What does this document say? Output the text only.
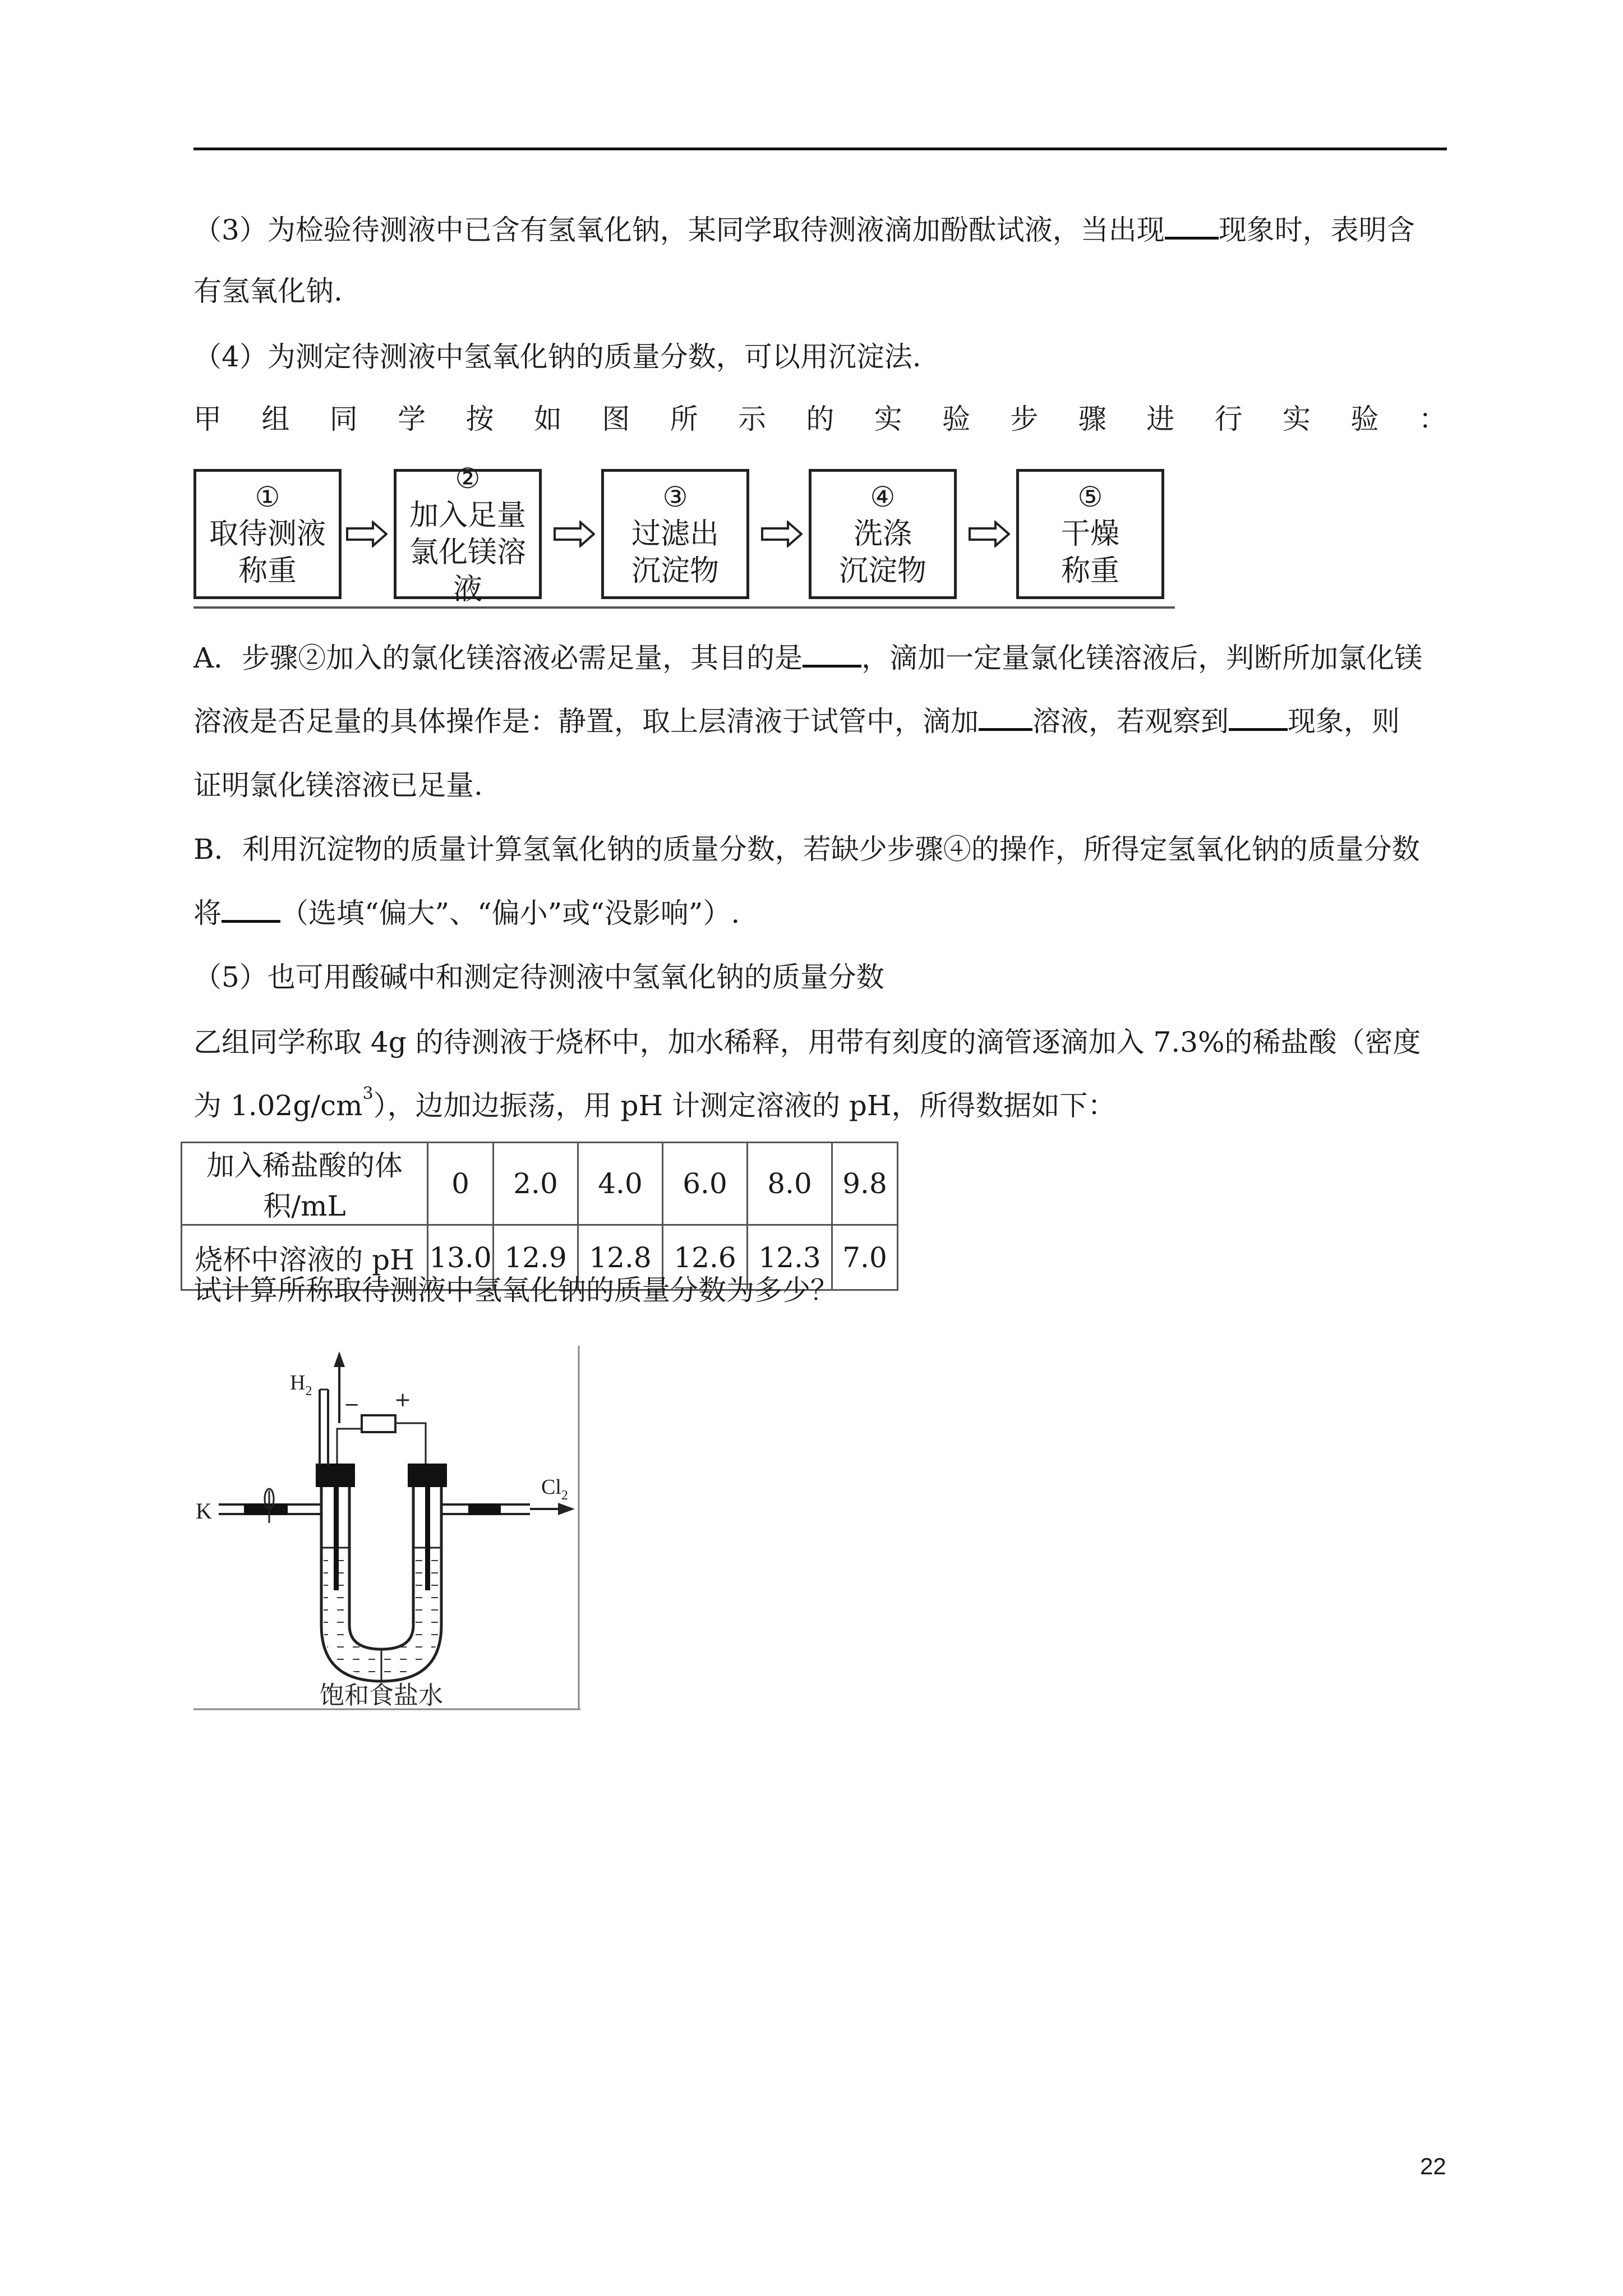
（3）为检验待测液中已含有氢氧化钠，某同学取待测液滴加酚酞试液，当出现 现象时，表明含
有氢氧化钠.
（4）为测定待测液中氢氧化钠的质量分数，可以用沉淀法.
甲 组 同 学 按 如 图 所 示 的 实 验 步 骤 进 行 实 验 ：
①
取待测液
称重
②
加入足量
氯化镁溶液
③
过滤出
沉淀物
④
洗涤
沉淀物
⑤
干燥
称重
A．步骤②加入的氯化镁溶液必需足量，其目的是 ，滴加一定量氯化镁溶液后，判断所加氯化镁
溶液是否足量的具体操作是：静置，取上层清液于试管中，滴加 溶液，若观察到 现象，则
证明氯化镁溶液已足量.
B．利用沉淀物的质量计算氢氧化钠的质量分数，若缺少步骤④的操作，所得定氢氧化钠的质量分数
将 （选填“偏大”、“偏小”或“没影响”）.
（5）也可用酸碱中和测定待测液中氢氧化钠的质量分数
乙组同学称取 4g 的待测液于烧杯中，加水稀释，用带有刻度的滴管逐滴加入 7.3%的稀盐酸（密度
为 $1.02g/cm^3$），边加边振荡，用 pH 计测定溶液的 pH，所得数据如下：
加入稀盐酸的体积/mL	0	2.0	4.0	6.0	8.0	9.8
烧杯中溶液的 pH	13.0	12.9	12.8	12.6	12.3	7.0
试计算所称取待测液中氢氧化钠的质量分数为多少？
$H_2$
− +
K
$Cl_2$
饱和食盐水
22
